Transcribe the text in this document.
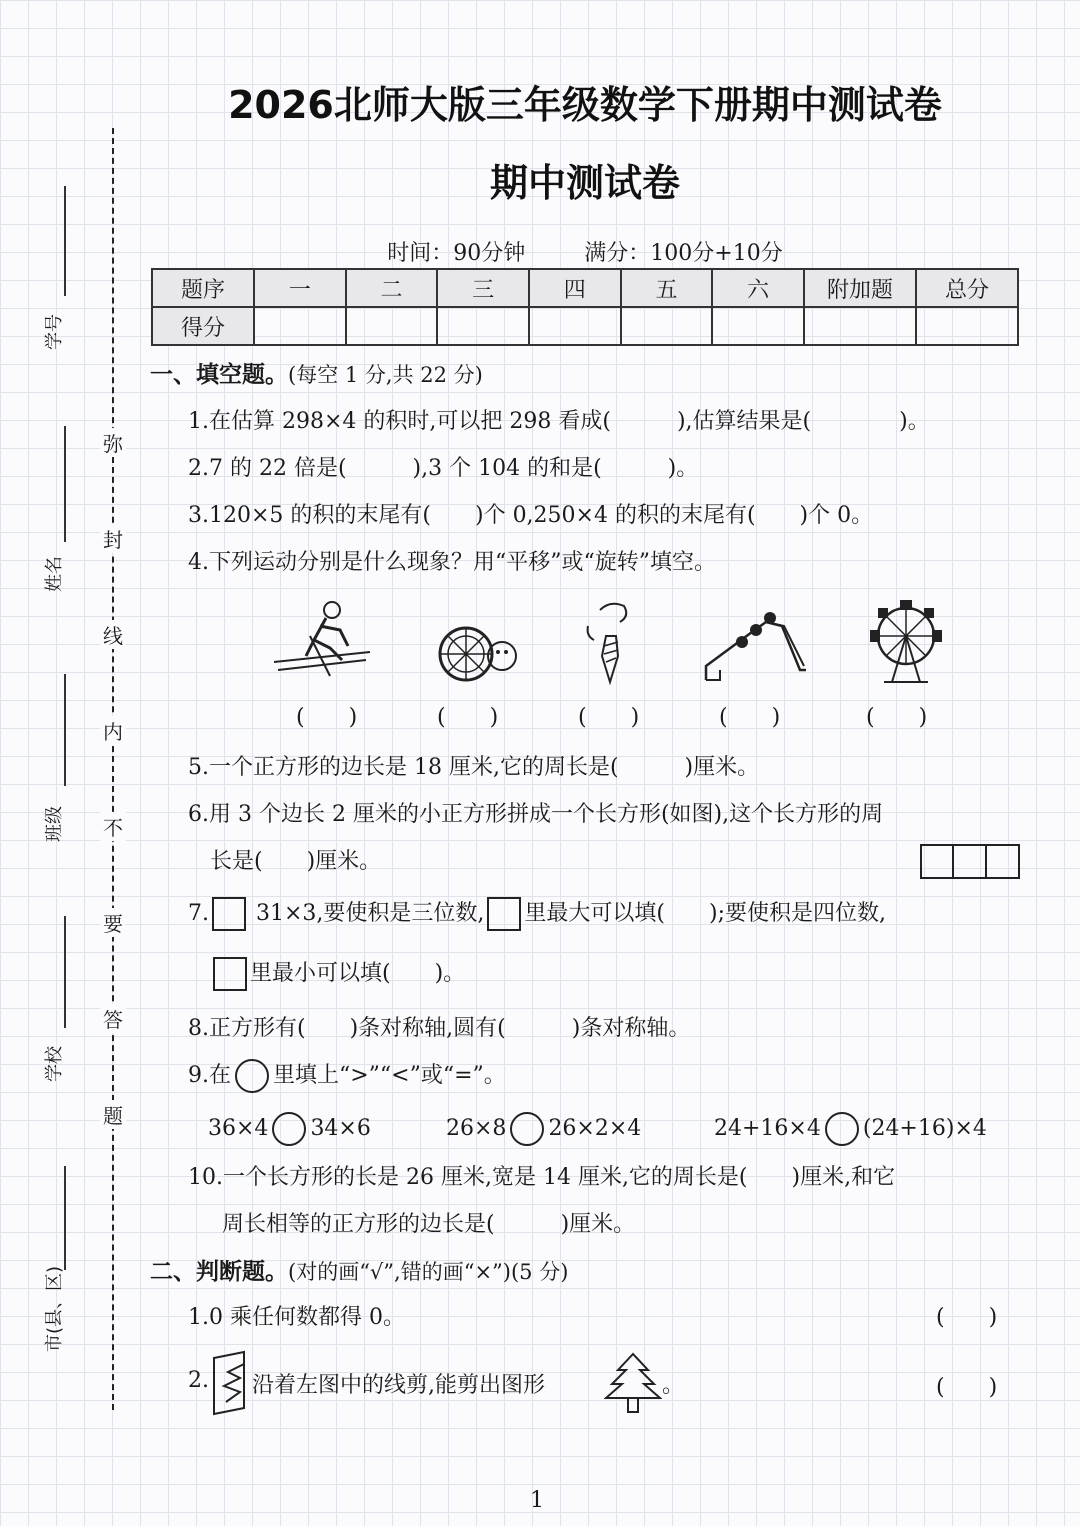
弥
封
线
内
不
要
答
题
学号
姓名
班级
学校
市(县、区)
2026北师大版三年级数学下册期中测试卷
期中测试卷
时间：90分钟	满分：100分+10分
题序	一	二	三	四	五	六	附加题	总分
得分								
一、填空题。(每空 1 分,共 22 分)
1.在估算 298×4 的积时,可以把 298 看成(　　　),估算结果是(　　　　)。
2.7 的 22 倍是(　　　),3 个 104 的和是(　　　)。
3.120×5 的积的末尾有(　　)个 0,250×4 的积的末尾有(　　)个 0。
4.下列运动分别是什么现象？用“平移”或“旋转”填空。
(　　)	(　　)	(　　)	(　　)	(　　)
5.一个正方形的边长是 18 厘米,它的周长是(　　　)厘米。
6.用 3 个边长 2 厘米的小正方形拼成一个长方形(如图),这个长方形的周
长是(　　)厘米。
7. 31×3,要使积是三位数, 里最大可以填(　　);要使积是四位数,
里最小可以填(　　)。
8.正方形有(　　)条对称轴,圆有(　　　)条对称轴。
9.在 里填上“>”“<”或“=”。
36×4 34×6	26×8 26×2×4	24+16×4 (24+16)×4
10.一个长方形的长是 26 厘米,宽是 14 厘米,它的周长是(　　)厘米,和它
周长相等的正方形的边长是(　　　)厘米。
二、判断题。(对的画“√”,错的画“×”)(5 分)
1.0 乘任何数都得 0。	(　　)
2. 沿着左图中的线剪,能剪出图形	。	(　　)
1
